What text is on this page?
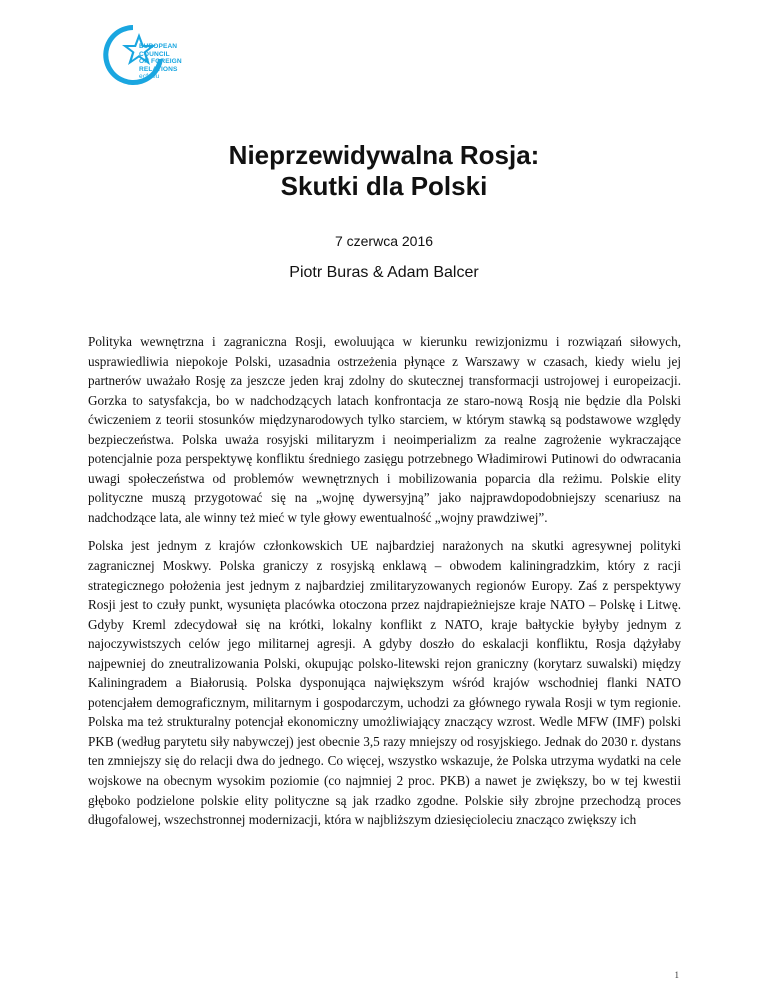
EUROPEAN
COUNCIL
ON FOREIGN
RELATIONS
ecfr.eu
Nieprzewidywalna Rosja:
Skutki dla Polski
7 czerwca 2016
Piotr Buras & Adam Balcer

Polityka wewnętrzna i zagraniczna Rosji, ewoluująca w kierunku rewizjonizmu i rozwiązań siłowych, usprawiedliwia niepokoje Polski, uzasadnia ostrzeżenia płynące z Warszawy w czasach, kiedy wielu jej partnerów uważało Rosję za jeszcze jeden kraj zdolny do skutecznej transformacji ustrojowej i europeizacji. Gorzka to satysfakcja, bo w nadchodzących latach konfrontacja ze staro-nową Rosją nie będzie dla Polski ćwiczeniem z teorii stosunków międzynarodowych tylko starciem, w którym stawką są podstawowe względy bezpieczeństwa. Polska uważa rosyjski militaryzm i neoimperializm za realne zagrożenie wykraczające potencjalnie poza perspektywę konfliktu średniego zasięgu potrzebnego Władimirowi Putinowi do odwracania uwagi społeczeństwa od problemów wewnętrznych i mobilizowania poparcia dla reżimu. Polskie elity polityczne muszą przygotować się na „wojnę dywersyjną” jako najprawdopodobniejszy scenariusz na nadchodzące lata, ale winny też mieć w tyle głowy ewentualność „wojny prawdziwej”.

Polska jest jednym z krajów członkowskich UE najbardziej narażonych na skutki agresywnej polityki zagranicznej Moskwy. Polska graniczy z rosyjską enklawą – obwodem kaliningradzkim, który z racji strategicznego położenia jest jednym z najbardziej zmilitaryzowanych regionów Europy. Zaś z perspektywy Rosji jest to czuły punkt, wysunięta placówka otoczona przez najdrapieżniejsze kraje NATO – Polskę i Litwę. Gdyby Kreml zdecydował się na krótki, lokalny konflikt z NATO, kraje bałtyckie byłyby jednym z najoczywistszych celów jego militarnej agresji. A gdyby doszło do eskalacji konfliktu, Rosja dążyłaby najpewniej do zneutralizowania Polski, okupując polsko-litewski rejon graniczny (korytarz suwalski) między Kaliningradem a Białorusią. Polska dysponująca największym wśród krajów wschodniej flanki NATO potencjałem demograficznym, militarnym i gospodarczym, uchodzi za głównego rywala Rosji w tym regionie. Polska ma też strukturalny potencjał ekonomiczny umożliwiający znaczący wzrost. Wedle MFW (IMF) polski PKB (według parytetu siły nabywczej) jest obecnie 3,5 razy mniejszy od rosyjskiego. Jednak do 2030 r. dystans ten zmniejszy się do relacji dwa do jednego. Co więcej, wszystko wskazuje, że Polska utrzyma wydatki na cele wojskowe na obecnym wysokim poziomie (co najmniej 2 proc. PKB) a nawet je zwiększy, bo w tej kwestii głęboko podzielone polskie elity polityczne są jak rzadko zgodne. Polskie siły zbrojne przechodzą proces długofalowej, wszechstronnej modernizacji, która w najbliższym dziesięcioleciu znacząco zwiększy ich

1
